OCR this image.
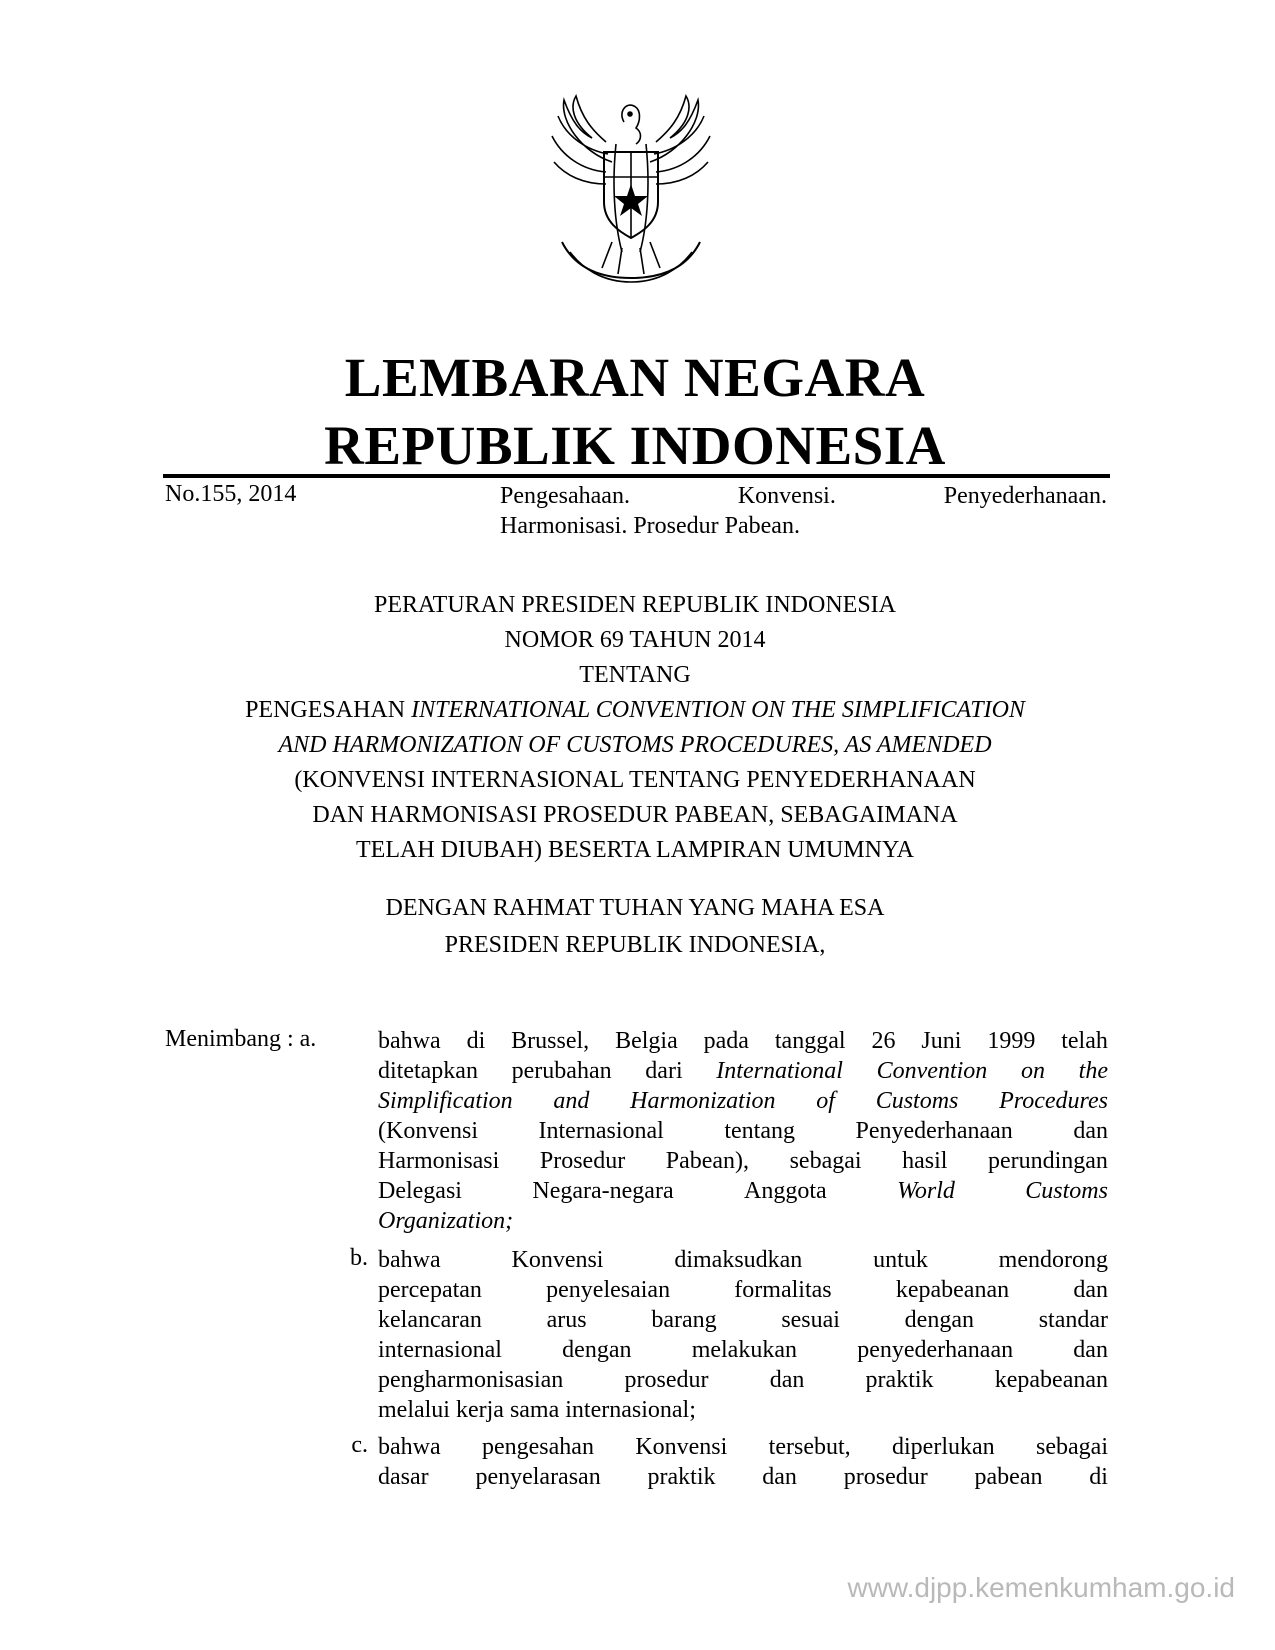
LEMBARAN NEGARA
REPUBLIK INDONESIA
No.155, 2014	Pengesahaan.	Konvensi.	Penyederhanaan.
Harmonisasi. Prosedur Pabean.
PERATURAN PRESIDEN REPUBLIK INDONESIA
NOMOR 69 TAHUN 2014
TENTANG
PENGESAHAN INTERNATIONAL CONVENTION ON THE SIMPLIFICATION
AND HARMONIZATION OF CUSTOMS PROCEDURES, AS AMENDED
(KONVENSI INTERNASIONAL TENTANG PENYEDERHANAAN
DAN HARMONISASI PROSEDUR PABEAN, SEBAGAIMANA
TELAH DIUBAH) BESERTA LAMPIRAN UMUMNYA
DENGAN RAHMAT TUHAN YANG MAHA ESA
PRESIDEN REPUBLIK INDONESIA,
Menimbang : a.	bahwa di Brussel, Belgia pada tanggal 26 Juni 1999 telah
ditetapkan perubahan dari International Convention on the
Simplification and Harmonization of Customs Procedures
(Konvensi	Internasional	tentang	Penyederhanaan	dan
Harmonisasi Prosedur Pabean), sebagai hasil perundingan
Delegasi	Negara-negara	Anggota	World	Customs
Organization;
b. bahwa	Konvensi	dimaksudkan	untuk	mendorong
percepatan	penyelesaian	formalitas	kepabeanan	dan
kelancaran	arus	barang	sesuai	dengan	standar
internasional	dengan	melakukan	penyederhanaan	dan
pengharmonisasian	prosedur	dan	praktik	kepabeanan
melalui kerja sama internasional;
c. bahwa pengesahan Konvensi tersebut, diperlukan sebagai
dasar penyelarasan praktik dan prosedur pabean di
www.djpp.kemenkumham.go.id
